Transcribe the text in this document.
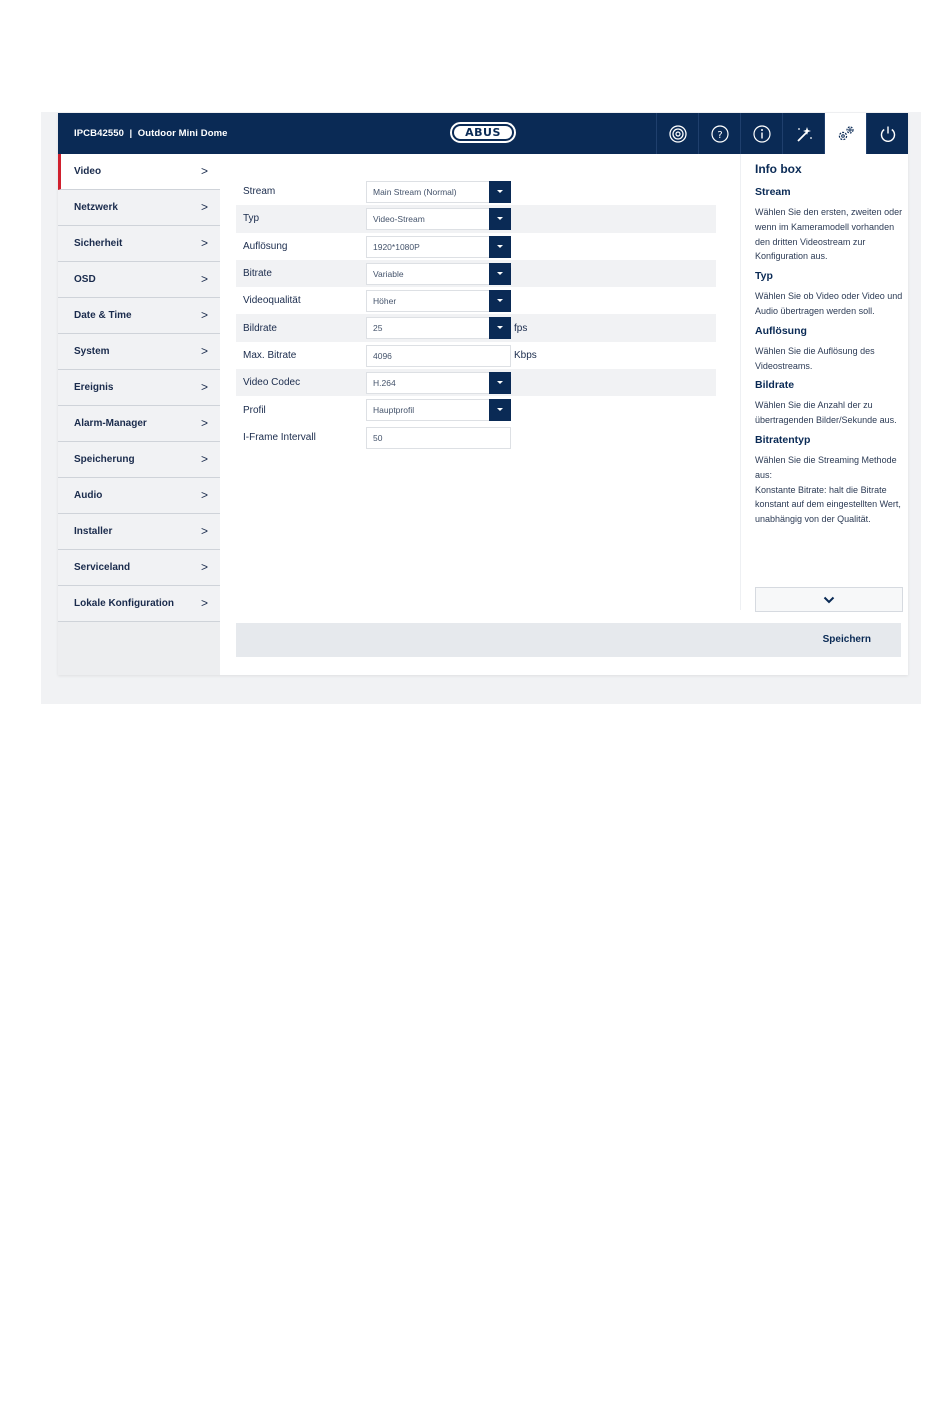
IPCB42550  |  Outdoor Mini Dome	ABUS	?
Video	>
Netzwerk	>
Sicherheit	>
OSD	>
Date & Time	>
System	>
Ereignis	>
Alarm-Manager	>
Speicherung	>
Audio	>
Installer	>
Serviceland	>
Lokale Konfiguration >
Stream	Main Stream (Normal)
Typ	Video-Stream
Auflösung	1920*1080P
Bitrate	Variable
Videoqualität	Höher
Bildrate	25	fps
Max. Bitrate	4096	Kbps
Video Codec	H.264
Profil	Hauptprofil
I-Frame Intervall	50
Info box
Stream
Wählen Sie den ersten, zweiten oder wenn im Kameramodell vorhanden den dritten Videostream zur Konfiguration aus.
Typ
Wählen Sie ob Video oder Video und Audio übertragen werden soll.
Auflösung
Wählen Sie die Auflösung des Videostreams.
Bildrate
Wählen Sie die Anzahl der zu übertragenden Bilder/Sekunde aus.
Bitratentyp
Wählen Sie die Streaming Methode aus:
Konstante Bitrate: halt die Bitrate konstant auf dem eingestellten Wert, unabhängig von der Qualität.
Speichern
